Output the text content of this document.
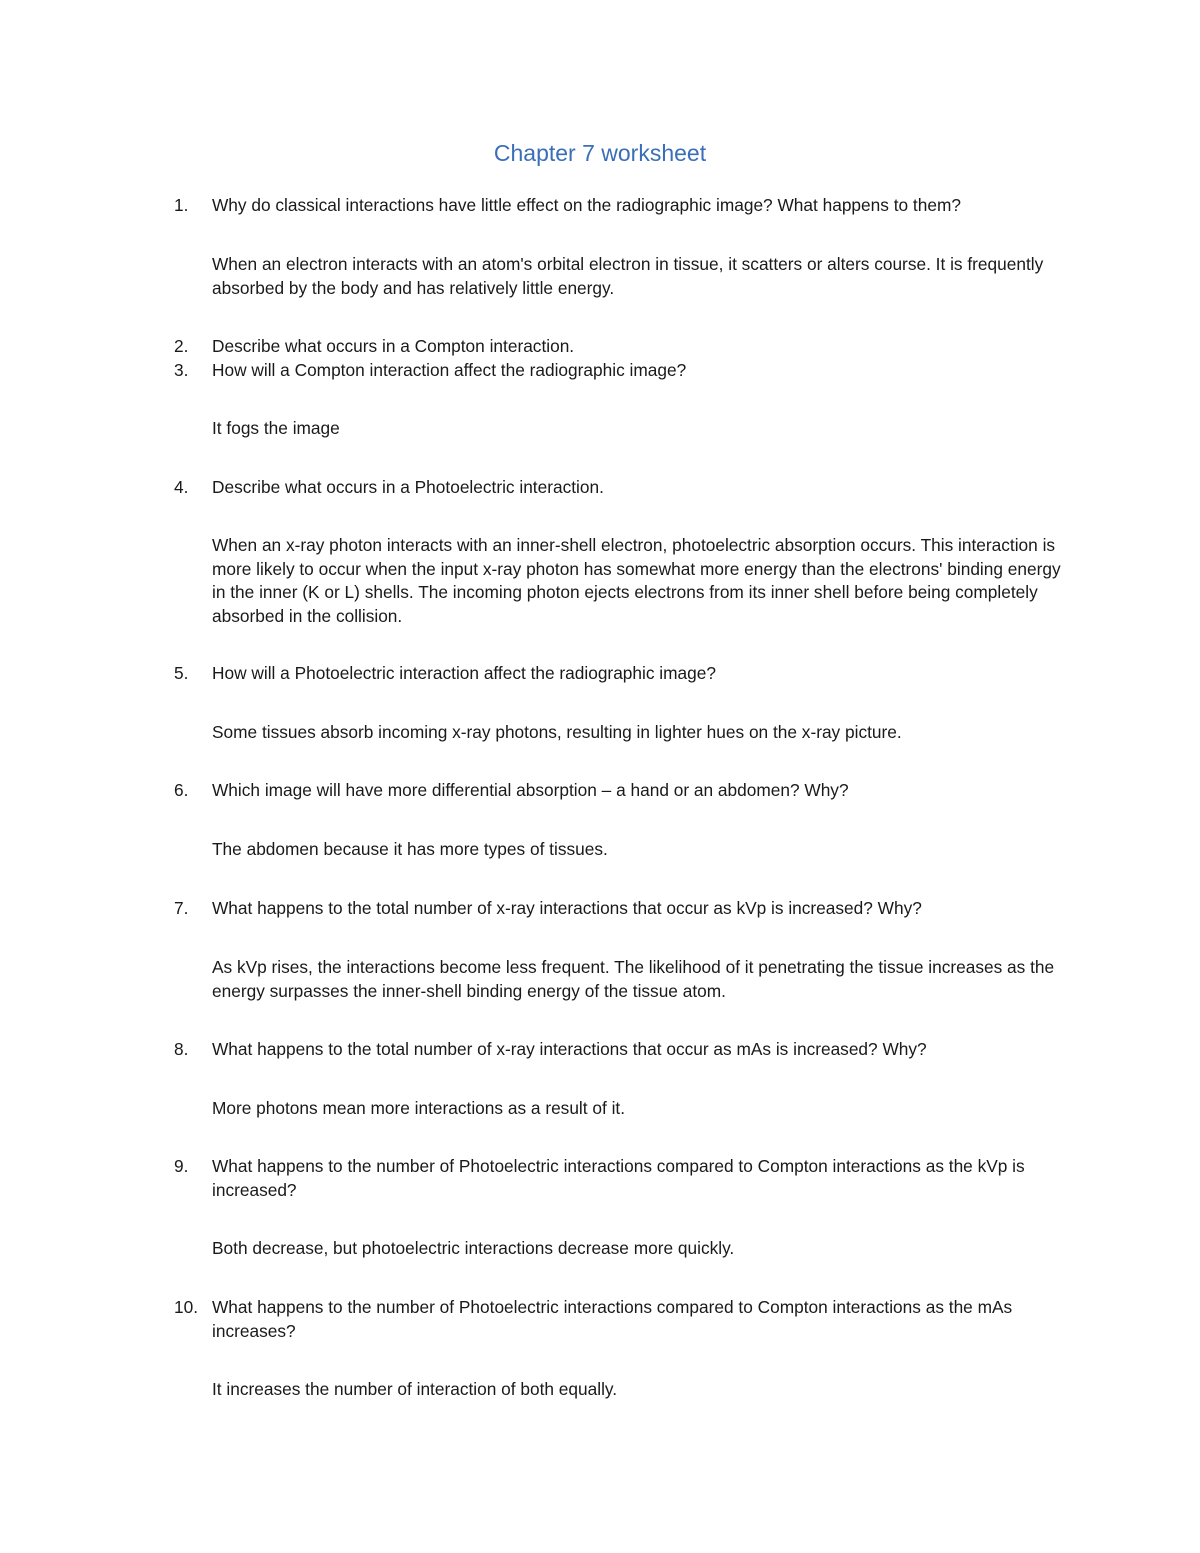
Chapter 7 worksheet
1. Why do classical interactions have little effect on the radiographic image? What happens to them?

When an electron interacts with an atom's orbital electron in tissue, it scatters or alters course. It is frequently absorbed by the body and has relatively little energy.

2. Describe what occurs in a Compton interaction.

3. How will a Compton interaction affect the radiographic image?

It fogs the image

4. Describe what occurs in a Photoelectric interaction.

When an x-ray photon interacts with an inner-shell electron, photoelectric absorption occurs. This interaction is more likely to occur when the input x-ray photon has somewhat more energy than the electrons' binding energy in the inner (K or L) shells. The incoming photon ejects electrons from its inner shell before being completely absorbed in the collision.

5. How will a Photoelectric interaction affect the radiographic image?

Some tissues absorb incoming x-ray photons, resulting in lighter hues on the x-ray picture.

6. Which image will have more differential absorption – a hand or an abdomen? Why?

The abdomen because it has more types of tissues.

7. What happens to the total number of x-ray interactions that occur as kVp is increased? Why?

As kVp rises, the interactions become less frequent. The likelihood of it penetrating the tissue increases as the energy surpasses the inner-shell binding energy of the tissue atom.

8. What happens to the total number of x-ray interactions that occur as mAs is increased? Why?

More photons mean more interactions as a result of it.

9. What happens to the number of Photoelectric interactions compared to Compton interactions as the kVp is increased?

Both decrease, but photoelectric interactions decrease more quickly.

10. What happens to the number of Photoelectric interactions compared to Compton interactions as the mAs increases?

It increases the number of interaction of both equally.
